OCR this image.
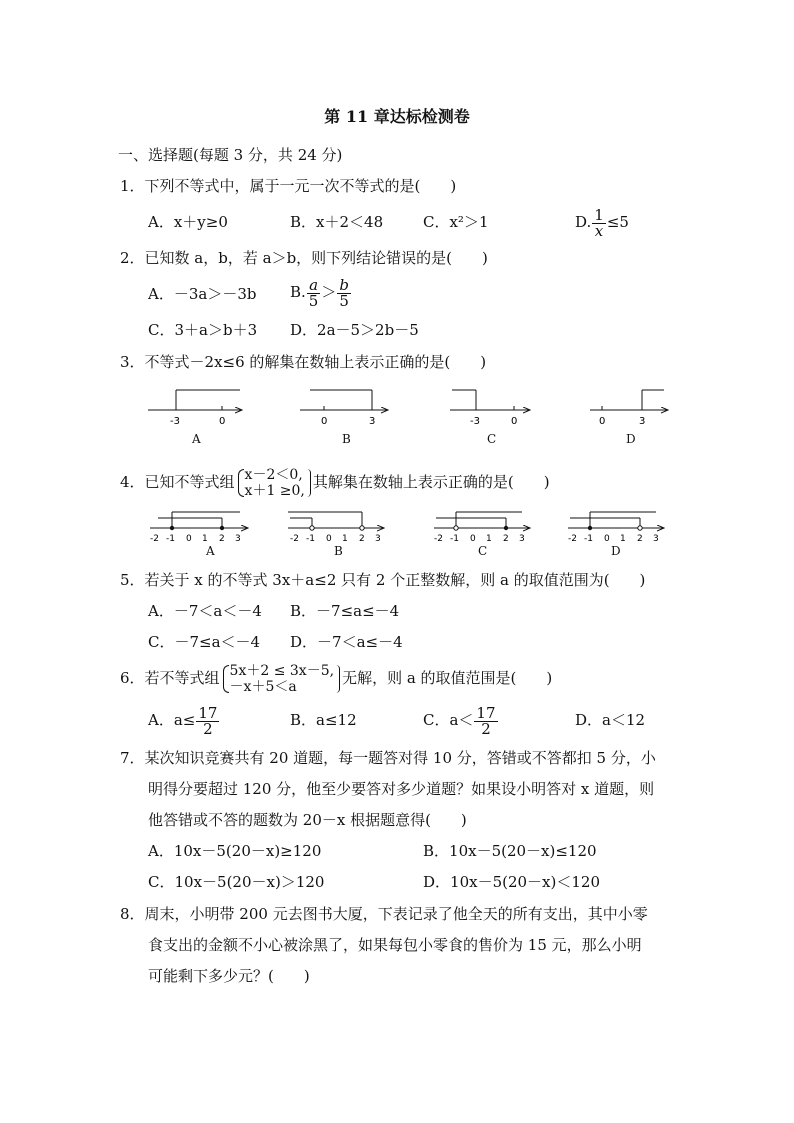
第 11 章达标检测卷
一、选择题(每题 3 分，共 24 分)
1．下列不等式中，属于一元一次不等式的是(　　)
A．x＋y≥0	B．x＋2＜48	C．x²＞1	D. $\frac{1}{x} \le 5$
2．已知数 a，b，若 a＞b，则下列结论错误的是(　　)
A．－3a＞－3b B. $\frac{a}{5} > \frac{b}{5}$
C．3＋a＞b＋3 D．2a－5＞2b－5
3．不等式－2x≤6 的解集在数轴上表示正确的是(　　)
-3	0	0	3	-3	0	0	3
A	B	C	D
4．已知不等式组 x－2＜0,
x＋1 ≥0, 其解集在数轴上表示正确的是(　　)
-2 -1 0 1 2 3	-2 -1 0 1 2 3	-2 -1 0 1 2 3	-2 -1 0 1 2 3
A	B	C	D
5．若关于 x 的不等式 3x＋a≤2 只有 2 个正整数解，则 a 的取值范围为(　　)
A．－7＜a＜－4 B．－7≤a≤－4
C．－7≤a＜－4 D．－7＜a≤－4
6．若不等式组 5x＋2 ≤ 3x－5,
－x＋5＜a	无解，则 a 的取值范围是(　　)
A．$a\le \frac{17}{2}$	B．a≤12	C．$a< \frac{17}{2}$	D．a＜12
7．某次知识竞赛共有 20 道题，每一题答对得 10 分，答错或不答都扣 5 分，小
明得分要超过 120 分，他至少要答对多少道题？如果设小明答对 x 道题，则
他答错或不答的题数为 20－x 根据题意得(　　)
A．10x－5(20－x)≥120	B．10x－5(20－x)≤120
C．10x－5(20－x)＞120	D．10x－5(20－x)＜120
8．周末，小明带 200 元去图书大厦，下表记录了他全天的所有支出，其中小零
食支出的金额不小心被涂黑了，如果每包小零食的售价为 15 元，那么小明
可能剩下多少元？(　　)
